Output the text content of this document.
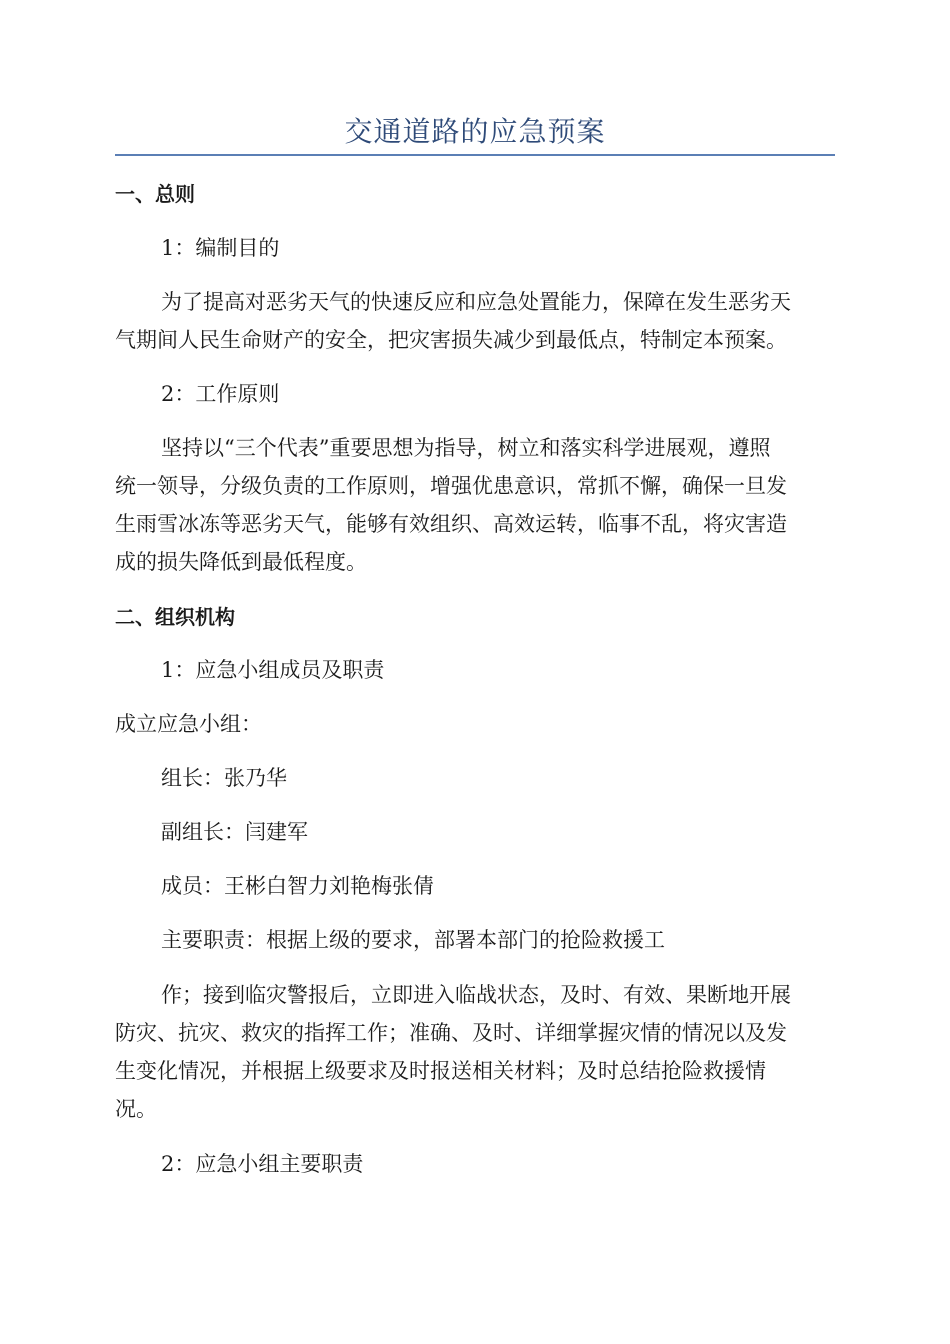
交通道路的应急预案
一、总则
1：编制目的
为了提高对恶劣天气的快速反应和应急处置能力，保障在发生恶劣天
气期间人民生命财产的安全，把灾害损失减少到最低点，特制定本预案。
2：工作原则
坚持以“三个代表”重要思想为指导，树立和落实科学进展观，遵照
统一领导，分级负责的工作原则，增强优患意识，常抓不懈，确保一旦发
生雨雪冰冻等恶劣天气，能够有效组织、高效运转，临事不乱，将灾害造
成的损失降低到最低程度。
二、组织机构
1：应急小组成员及职责
成立应急小组：
组长：张乃华
副组长：闫建军
成员：王彬白智力刘艳梅张倩
主要职责：根据上级的要求，部署本部门的抢险救援工
作；接到临灾警报后，立即进入临战状态，及时、有效、果断地开展
防灾、抗灾、救灾的指挥工作；准确、及时、详细掌握灾情的情况以及发
生变化情况，并根据上级要求及时报送相关材料；及时总结抢险救援情
况。
2：应急小组主要职责
